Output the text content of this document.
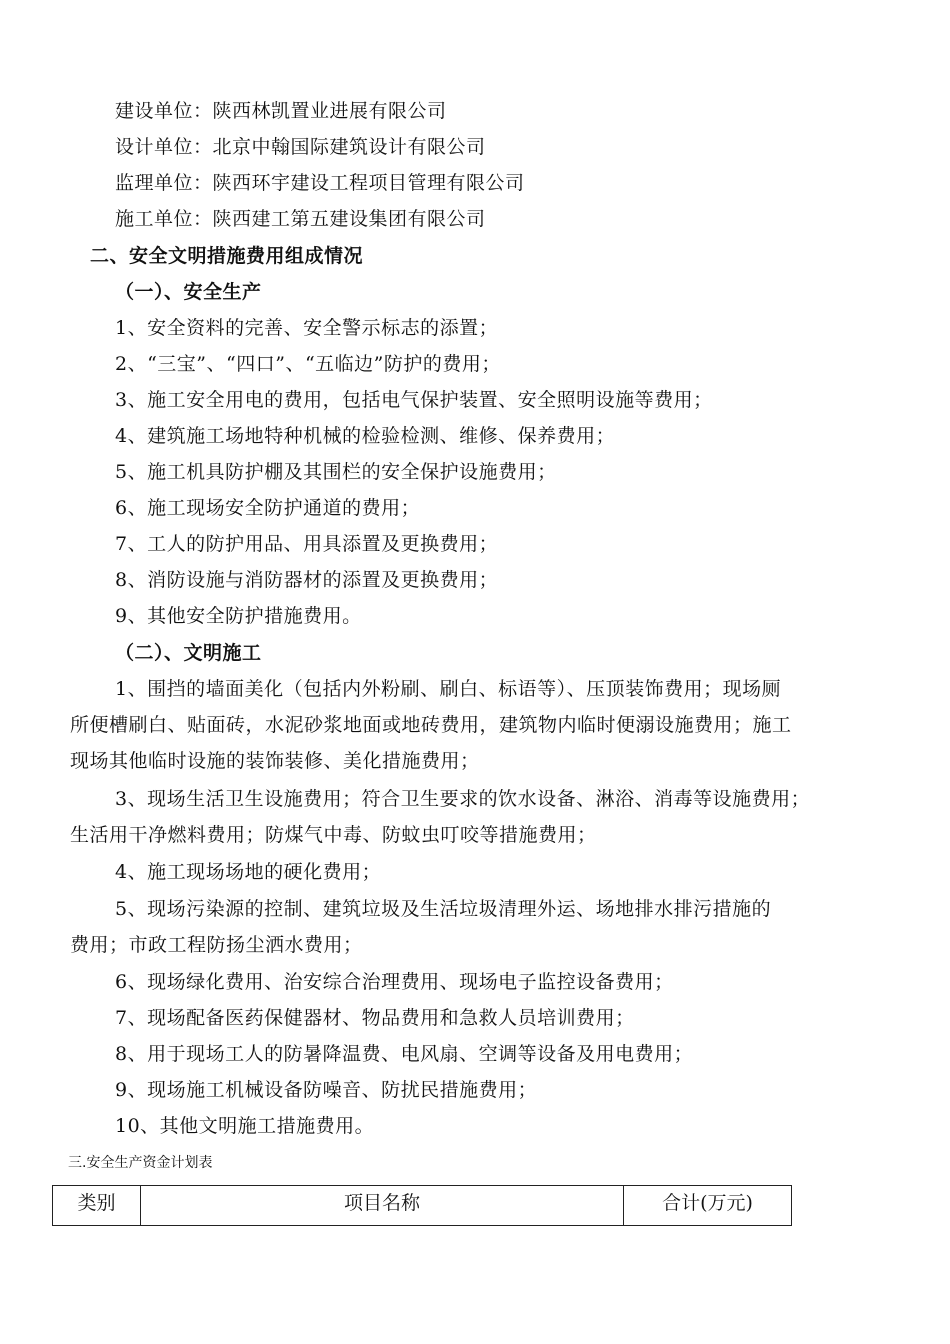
建设单位：陕西林凯置业进展有限公司
设计单位：北京中翰国际建筑设计有限公司
监理单位：陕西环宇建设工程项目管理有限公司
施工单位：陕西建工第五建设集团有限公司
二、安全文明措施费用组成情况
（一）、安全生产
1、安全资料的完善、安全警示标志的添置；
2、“三宝”、“四口”、“五临边”防护的费用；
3、施工安全用电的费用，包括电气保护装置、安全照明设施等费用；
4、建筑施工场地特种机械的检验检测、维修、保养费用；
5、施工机具防护棚及其围栏的安全保护设施费用；
6、施工现场安全防护通道的费用；
7、工人的防护用品、用具添置及更换费用；
8、消防设施与消防器材的添置及更换费用；
9、其他安全防护措施费用。
（二）、文明施工
1、围挡的墙面美化（包括内外粉刷、刷白、标语等）、压顶装饰费用；现场厕
所便槽刷白、贴面砖，水泥砂浆地面或地砖费用，建筑物内临时便溺设施费用；施工
现场其他临时设施的装饰装修、美化措施费用；
3、现场生活卫生设施费用；符合卫生要求的饮水设备、淋浴、消毒等设施费用；
生活用干净燃料费用；防煤气中毒、防蚊虫叮咬等措施费用；
4、施工现场场地的硬化费用；
5、现场污染源的控制、建筑垃圾及生活垃圾清理外运、场地排水排污措施的
费用；市政工程防扬尘洒水费用；
6、现场绿化费用、治安综合治理费用、现场电子监控设备费用；
7、现场配备医药保健器材、物品费用和急救人员培训费用；
8、用于现场工人的防暑降温费、电风扇、空调等设备及用电费用；
9、现场施工机械设备防噪音、防扰民措施费用；
10、其他文明施工措施费用。
三.安全生产资金计划表
类别	项目名称	合计(万元)
